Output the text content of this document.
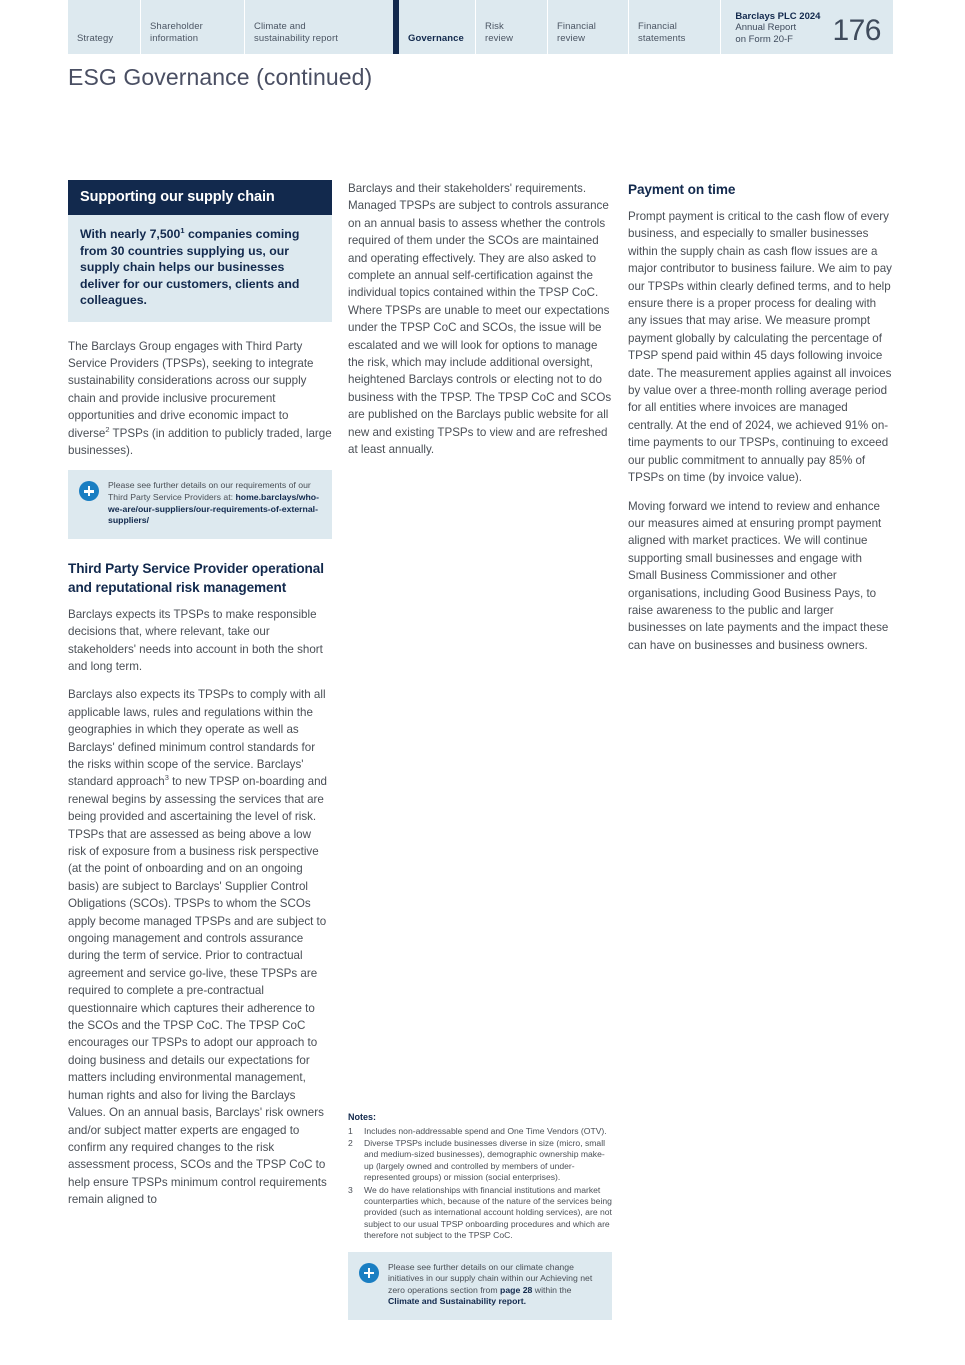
Strategy
Shareholder
information
Climate and
sustainability report	Governance
Risk
review
Financial
review
Financial
statements
Barclays PLC 2024
Annual Report
on Form 20-F	176
ESG Governance (continued)
Supporting our supply chain
With nearly 7,500$^1$ companies coming from 30 countries supplying us, our supply chain helps our businesses deliver for our customers, clients and colleagues.

The Barclays Group engages with Third Party Service Providers (TPSPs), seeking to integrate sustainability considerations across our supply chain and provide inclusive procurement opportunities and drive economic impact to diverse$^2$ TPSPs (in addition to publicly traded, large businesses).

Please see further details on our requirements of our Third Party Service Providers at: home.barclays/who-we-are/our-suppliers/our-requirements-of-external-suppliers/
Third Party Service Provider operational and reputational risk management

Barclays expects its TPSPs to make responsible decisions that, where relevant, take our stakeholders' needs into account in both the short and long term.

Barclays also expects its TPSPs to comply with all applicable laws, rules and regulations within the geographies in which they operate as well as Barclays' defined minimum control standards for the risks within scope of the service. Barclays' standard approach$^3$ to new TPSP on-boarding and renewal begins by assessing the services that are being provided and ascertaining the level of risk. TPSPs that are assessed as being above a low risk of exposure from a business risk perspective (at the point of onboarding and on an ongoing basis) are subject to Barclays' Supplier Control Obligations (SCOs). TPSPs to whom the SCOs apply become managed TPSPs and are subject to ongoing management and controls assurance during the term of service. Prior to contractual agreement and service go-live, these TPSPs are required to complete a pre-contractual questionnaire which captures their adherence to the SCOs and the TPSP CoC. The TPSP CoC encourages our TPSPs to adopt our approach to doing business and details our expectations for matters including environmental management, human rights and also for living the Barclays Values. On an annual basis, Barclays' risk owners and/or subject matter experts are engaged to confirm any required changes to the risk assessment process, SCOs and the TPSP CoC to help ensure TPSPs minimum control requirements remain aligned to

Barclays and their stakeholders' requirements.

Managed TPSPs are subject to controls assurance on an annual basis to assess whether the controls required of them under the SCOs are maintained and operating effectively. They are also asked to complete an annual self-certification against the individual topics contained within the TPSP CoC. Where TPSPs are unable to meet our expectations under the TPSP CoC and SCOs, the issue will be escalated and we will look for options to manage the risk, which may include additional oversight, heightened Barclays controls or electing not to do business with the TPSP. The TPSP CoC and SCOs are published on the Barclays public website for all new and existing TPSPs to view and are refreshed at least annually.

Notes:
1	Includes non-addressable spend and One Time Vendors (OTV).
2	Diverse TPSPs include businesses diverse in size (micro, small and medium-sized businesses), demographic ownership make-up (largely owned and controlled by members of under-represented groups) or mission (social enterprises).
3	We do have relationships with financial institutions and market counterparties which, because of the nature of the services being provided (such as international account holding services), are not subject to our usual TPSP onboarding procedures and which are therefore not subject to the TPSP CoC.
Please see further details on our climate change initiatives in our supply chain within our Achieving net zero operations section from page 28 within the Climate and Sustainability report.
Payment on time

Prompt payment is critical to the cash flow of every business, and especially to smaller businesses within the supply chain as cash flow issues are a major contributor to business failure. We aim to pay our TPSPs within clearly defined terms, and to help ensure there is a proper process for dealing with any issues that may arise. We measure prompt payment globally by calculating the percentage of TPSP spend paid within 45 days following invoice date. The measurement applies against all invoices by value over a three-month rolling average period for all entities where invoices are managed centrally. At the end of 2024, we achieved 91% on-time payments to our TPSPs, continuing to exceed our public commitment to annually pay 85% of TPSPs on time (by invoice value).

Moving forward we intend to review and enhance our measures aimed at ensuring prompt payment aligned with market practices. We will continue supporting small businesses and engage with Small Business Commissioner and other organisations, including Good Business Pays, to raise awareness to the public and larger businesses on late payments and the impact these can have on businesses and business owners.
